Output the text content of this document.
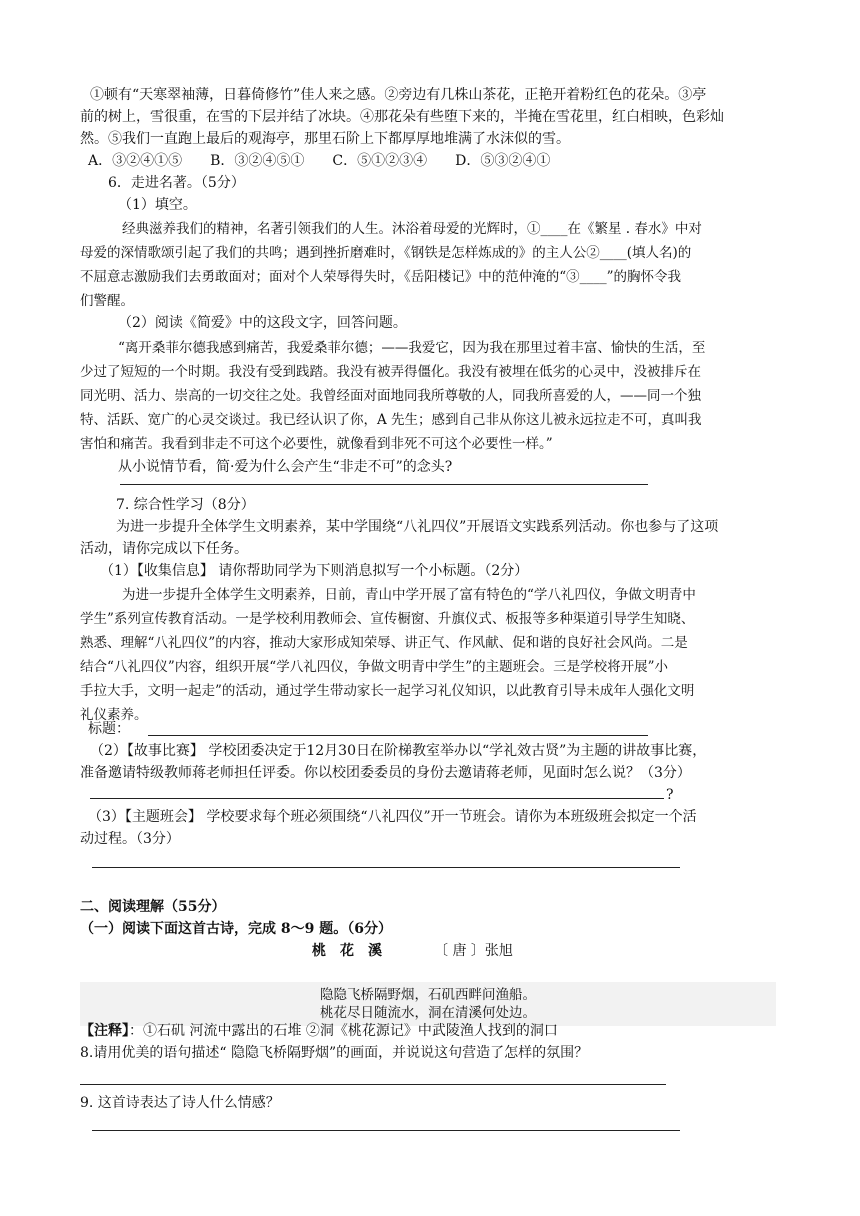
①顿有“天寒翠袖薄，日暮倚修竹”佳人来之感。②旁边有几株山茶花，正艳开着粉红色的花朵。③亭
前的树上，雪很重，在雪的下层并结了冰块。④那花朵有些堕下来的，半掩在雪花里，红白相映，色彩灿
然。⑤我们一直跑上最后的观海亭，那里石阶上下都厚厚地堆满了水沫似的雪。
A．③②④①⑤　　B．③②④⑤①　　C．⑤①②③④　　D．⑤③②④①
6．走进名著。（5分）
（1）填空。
经典滋养我们的精神，名著引领我们的人生。沐浴着母爱的光辉时，①____在《繁星 . 春水》中对
母爱的深情歌颂引起了我们的共鸣；遇到挫折磨难时，《钢铁是怎样炼成的》的主人公②____(填人名)的
不屈意志激励我们去勇敢面对；面对个人荣辱得失时，《岳阳楼记》中的范仲淹的“③____”的胸怀令我
们警醒。
（2）阅读《简爱》中的这段文字，回答问题。
“离开桑菲尔德我感到痛苦，我爱桑菲尔德；——我爱它，因为我在那里过着丰富、愉快的生活，至
少过了短短的一个时期。我没有受到践踏。我没有被弄得僵化。我没有被埋在低劣的心灵中，没被排斥在
同光明、活力、崇高的一切交往之处。我曾经面对面地同我所尊敬的人，同我所喜爱的人，——同一个独
特、活跃、宽广的心灵交谈过。我已经认识了你，A 先生；感到自己非从你这儿被永远拉走不可，真叫我
害怕和痛苦。我看到非走不可这个必要性，就像看到非死不可这个必要性一样。”
从小说情节看，简·爱为什么会产生“非走不可”的念头?
7. 综合性学习（8分）
为进一步提升全体学生文明素养，某中学围绕“八礼四仪”开展语文实践系列活动。你也参与了这项
活动，请你完成以下任务。
（1）【收集信息】 请你帮助同学为下则消息拟写一个小标题。（2分）
为进一步提升全体学生文明素养，日前，青山中学开展了富有特色的“学八礼四仪，争做文明青中
学生”系列宣传教育活动。一是学校利用教师会、宣传橱窗、升旗仪式、板报等多种渠道引导学生知晓、
熟悉、理解“八礼四仪”的内容，推动大家形成知荣辱、讲正气、作风献、促和谐的良好社会风尚。二是
结合“八礼四仪”内容，组织开展“学八礼四仪，争做文明青中学生”的主题班会。三是学校将开展”小
手拉大手，文明一起走”的活动，通过学生带动家长一起学习礼仪知识，以此教育引导未成年人强化文明
礼仪素养。
标题：
（2）【故事比赛】 学校团委决定于12月30日在阶梯教室举办以“学礼效古贤”为主题的讲故事比赛，
准备邀请特级教师蒋老师担任评委。你以校团委委员的身份去邀请蒋老师，见面时怎么说？（3分）
?
（3）【主题班会】 学校要求每个班必须围绕“八礼四仪”开一节班会。请你为本班级班会拟定一个活
动过程。（3分）
二、阅读理解（55分）
（一）阅读下面这首古诗，完成 8～9 题。（6分）
桃　花　溪	〔 唐 〕张旭
隐隐飞桥隔野烟，石矶西畔问渔船。
桃花尽日随流水，洞在清溪何处边。
【注释】：①石矶 河流中露出的石堆 ②洞《桃花源记》中武陵渔人找到的洞口
8.请用优美的语句描述“ 隐隐飞桥隔野烟”的画面，并说说这句营造了怎样的氛围？
9. 这首诗表达了诗人什么情感？
